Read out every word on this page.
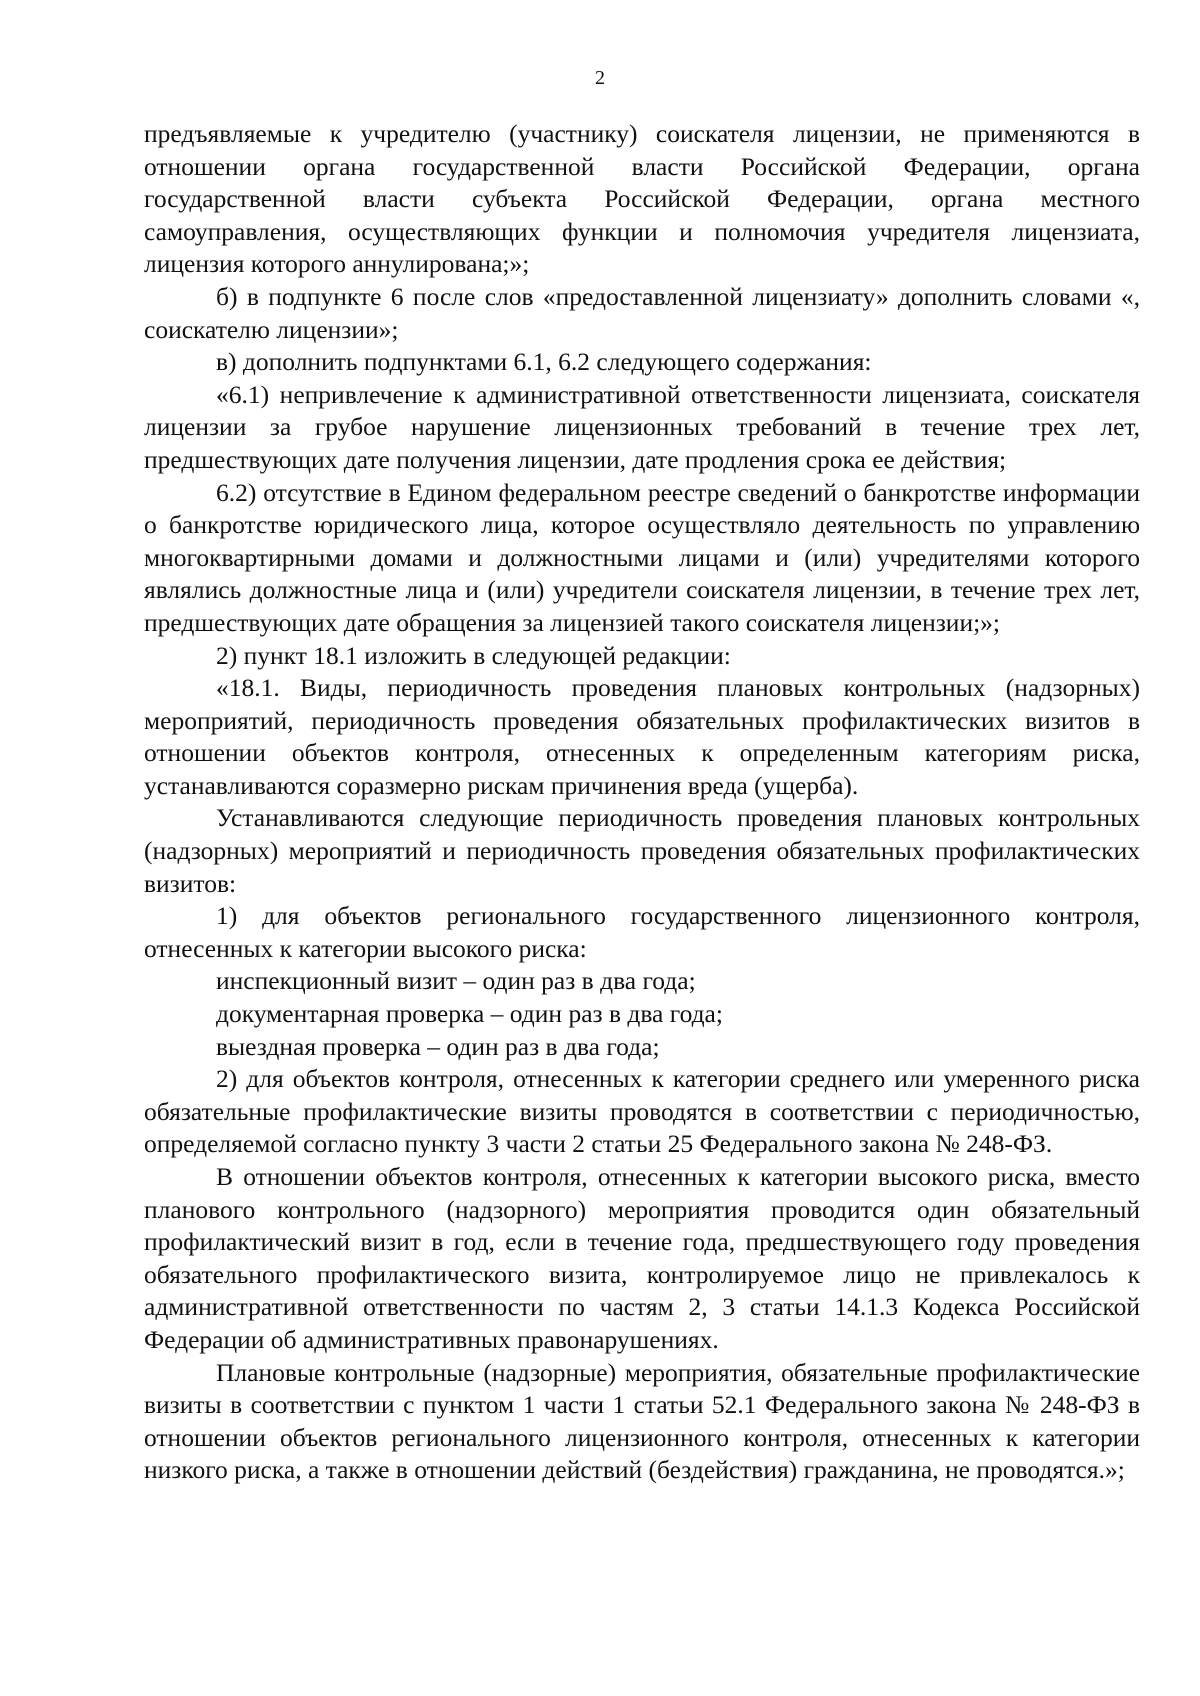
2

предъявляемые к учредителю (участнику) соискателя лицензии, не применяются в отношении органа государственной власти Российской Федерации, органа государственной власти субъекта Российской Федерации, органа местного самоуправления, осуществляющих функции и полномочия учредителя лицензиата, лицензия которого аннулирована;»;

б) в подпункте 6 после слов «предоставленной лицензиату» дополнить словами «, соискателю лицензии»;

в) дополнить подпунктами 6.1, 6.2 следующего содержания:

«6.1) непривлечение к административной ответственности лицензиата, соискателя лицензии за грубое нарушение лицензионных требований в течение трех лет, предшествующих дате получения лицензии, дате продления срока ее действия;

6.2) отсутствие в Едином федеральном реестре сведений о банкротстве информации о банкротстве юридического лица, которое осуществляло деятельность по управлению многоквартирными домами и должностными лицами и (или) учредителями которого являлись должностные лица и (или) учредители соискателя лицензии, в течение трех лет, предшествующих дате обращения за лицензией такого соискателя лицензии;»;

2) пункт 18.1 изложить в следующей редакции:

«18.1. Виды, периодичность проведения плановых контрольных (надзорных) мероприятий, периодичность проведения обязательных профилактических визитов в отношении объектов контроля, отнесенных к определенным категориям риска, устанавливаются соразмерно рискам причинения вреда (ущерба).

Устанавливаются следующие периодичность проведения плановых контрольных (надзорных) мероприятий и периодичность проведения обязательных профилактических визитов:

1) для объектов регионального государственного лицензионного контроля, отнесенных к категории высокого риска:

инспекционный визит – один раз в два года;

документарная проверка – один раз в два года;

выездная проверка – один раз в два года;

2) для объектов контроля, отнесенных к категории среднего или умеренного риска обязательные профилактические визиты проводятся в соответствии с периодичностью, определяемой согласно пункту 3 части 2 статьи 25 Федерального закона № 248-ФЗ.

В отношении объектов контроля, отнесенных к категории высокого риска, вместо планового контрольного (надзорного) мероприятия проводится один обязательный профилактический визит в год, если в течение года, предшествующего году проведения обязательного профилактического визита, контролируемое лицо не привлекалось к административной ответственности по частям 2, 3 статьи 14.1.3 Кодекса Российской Федерации об административных правонарушениях.

Плановые контрольные (надзорные) мероприятия, обязательные профилактические визиты в соответствии с пунктом 1 части 1 статьи 52.1 Федерального закона № 248-ФЗ в отношении объектов регионального лицензионного контроля, отнесенных к категории низкого риска, а также в отношении действий (бездействия) гражданина, не проводятся.»;
